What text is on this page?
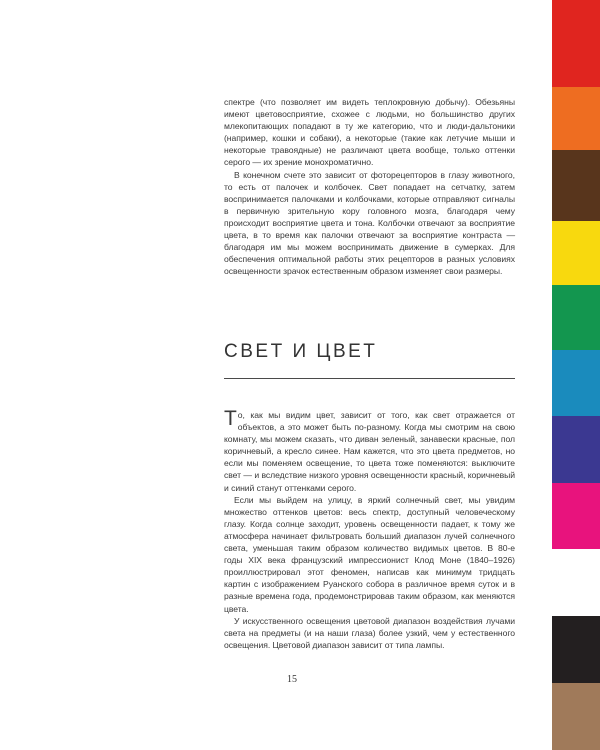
спектре (что позволяет им видеть теплокровную добычу). Обезьяны имеют цветовосприятие, схожее с людьми, но большинство других млекопитающих попадают в ту же категорию, что и люди-дальтоники (например, кошки и собаки), а некоторые (такие как летучие мыши и некоторые травоядные) не различают цвета вообще, только оттенки серого — их зрение монохроматично.

В конечном счете это зависит от фоторецепторов в глазу животного, то есть от палочек и колбочек. Свет попадает на сетчатку, затем воспринимается палочками и колбочками, которые отправляют сигналы в первичную зрительную кору головного мозга, благодаря чему происходит восприятие цвета и тона. Колбочки отвечают за восприятие цвета, в то время как палочки отвечают за восприятие контраста — благодаря им мы можем воспринимать движение в сумерках. Для обеспечения оптимальной работы этих рецепторов в разных условиях освещенности зрачок естественным образом изменяет свои размеры.

СВЕТ И ЦВЕТ

То, как мы видим цвет, зависит от того, как свет отражается от объектов, а это может быть по-разному. Когда мы смотрим на свою комнату, мы можем сказать, что диван зеленый, занавески красные, пол коричневый, а кресло синее. Нам кажется, что это цвета предметов, но если мы поменяем освещение, то цвета тоже поменяются: выключите свет — и вследствие низкого уровня освещенности красный, коричневый и синий станут оттенками серого.

Если мы выйдем на улицу, в яркий солнечный свет, мы увидим множество оттенков цветов: весь спектр, доступный человеческому глазу. Когда солнце заходит, уровень освещенности падает, к тому же атмосфера начинает фильтровать больший диапазон лучей солнечного света, уменьшая таким образом количество видимых цветов. В 80-е годы XIX века французский импрессионист Клод Моне (1840–1926) проиллюстрировал этот феномен, написав как минимум тридцать картин с изображением Руанского собора в различное время суток и в разные времена года, продемонстрировав таким образом, как меняются цвета.

У искусственного освещения цветовой диапазон воздействия лучами света на предметы (и на наши глаза) более узкий, чем у естественного освещения. Цветовой диапазон зависит от типа лампы.

15
